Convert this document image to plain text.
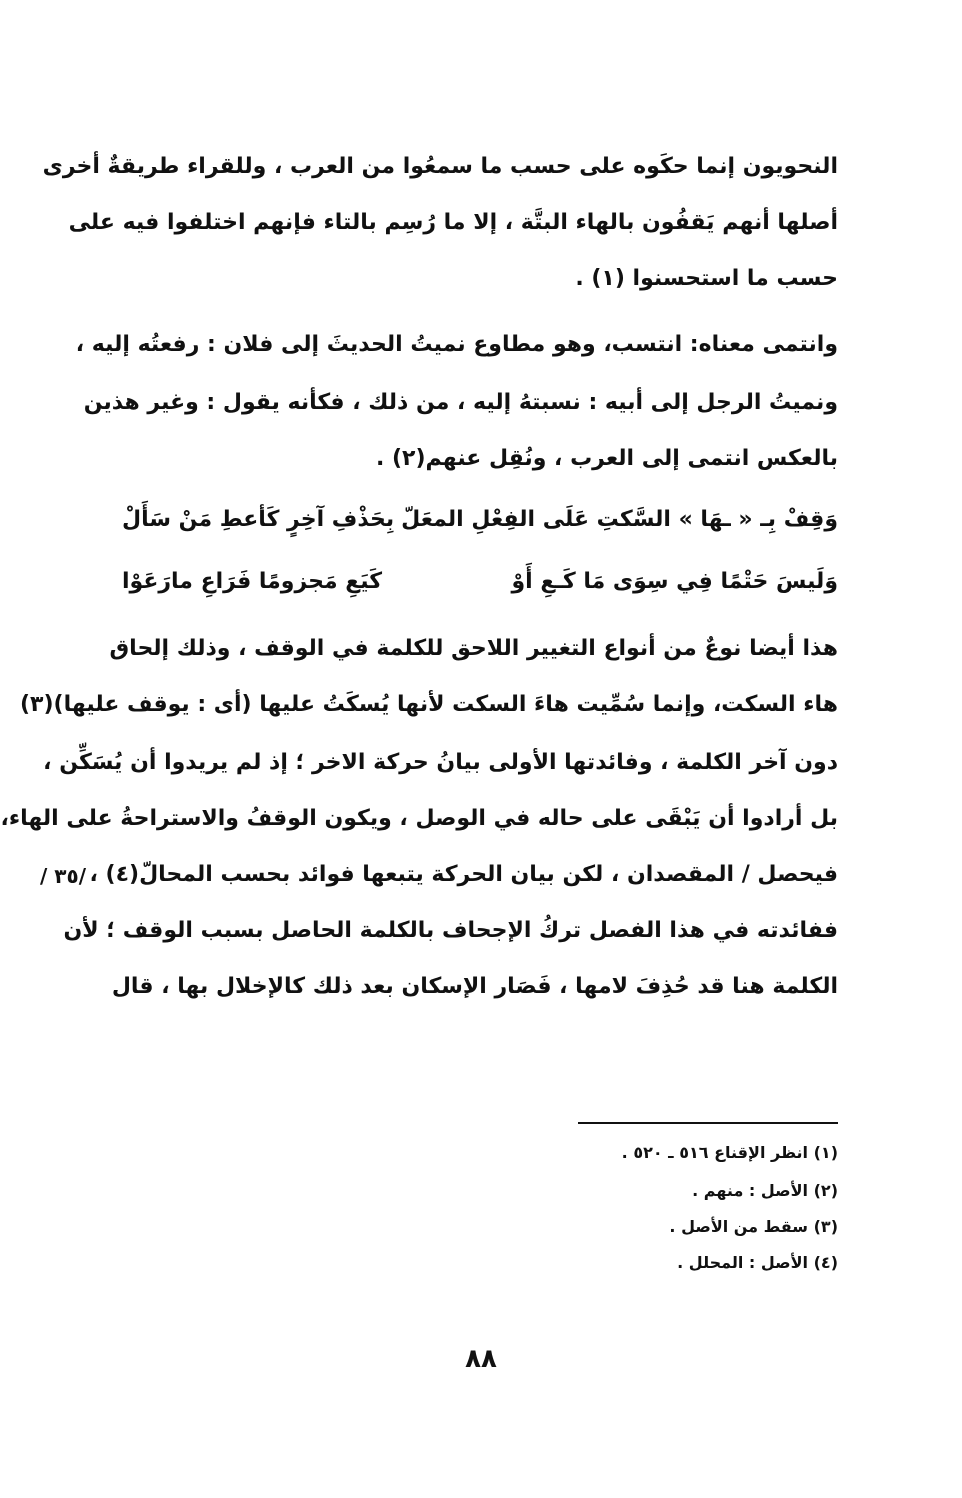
النحويون إنما حكَوه على حسب ما سمعُوا من العرب ، وللقراء طريقةٌ أخرى
أصلها أنهم يَقفُون بالهاء البتَّة ، إلا ما رُسِم بالتاء فإنهم اختلفوا فيه على
حسب ما استحسنوا (١) .
وانتمى معناه: انتسب، وهو مطاوع نميتُ الحديثَ إلى فلان : رفعتُه إليه ،
ونميتُ الرجل إلى أبيه : نسبتهُ إليه ، من ذلك ، فكأنه يقول : وغير هذين
بالعكس انتمى إلى العرب ، ونُقِل عنهم(٢) .
وَقِفْ بِـ « ـهَا » السَّكتِ عَلَى الفِعْلِ المعَلّ
بِحَذْفِ آخِرٍ كَأعطِ مَنْ سَأَلْ
وَلَيسَ حَتْمًا فِي سِوَى مَا كَـعِ أَوْ
كَيَعِ مَجزومًا فَرَاعِ مارَعَوْا
هذا أيضا نوعٌ من أنواع التغيير اللاحق للكلمة في الوقف ، وذلك إلحاق
هاء السكت، وإنما سُمِّيت هاءَ السكت لأنها يُسكَتُ عليها (أى : يوقف عليها)(٣)
دون آخر الكلمة ، وفائدتها الأولى بيانُ حركة الاخر ؛ إذ لم يريدوا أن يُسَكِّن ،
بل أرادوا أن يَبْقَى على حاله في الوصل ، ويكون الوقفُ والاستراحةُ على الهاء،
فيحصل / المقصدان ، لكن بيان الحركة يتبعها فوائد بحسب المحالّ(٤) ،
ففائدته في هذا الفصل تركُ الإجحاف بالكلمة الحاصل بسبب الوقف ؛ لأن
الكلمة هنا قد حُذِفَ لامها ، فَصَار الإسكان بعد ذلك كالإخلال بها ، قال
/٣٥ /
(١) انظر الإقناع ٥١٦ ـ ٥٢٠ .
(٢) الأصل : منهم .
(٣) سقط من الأصل .
(٤) الأصل : المحلل .
٨٨
